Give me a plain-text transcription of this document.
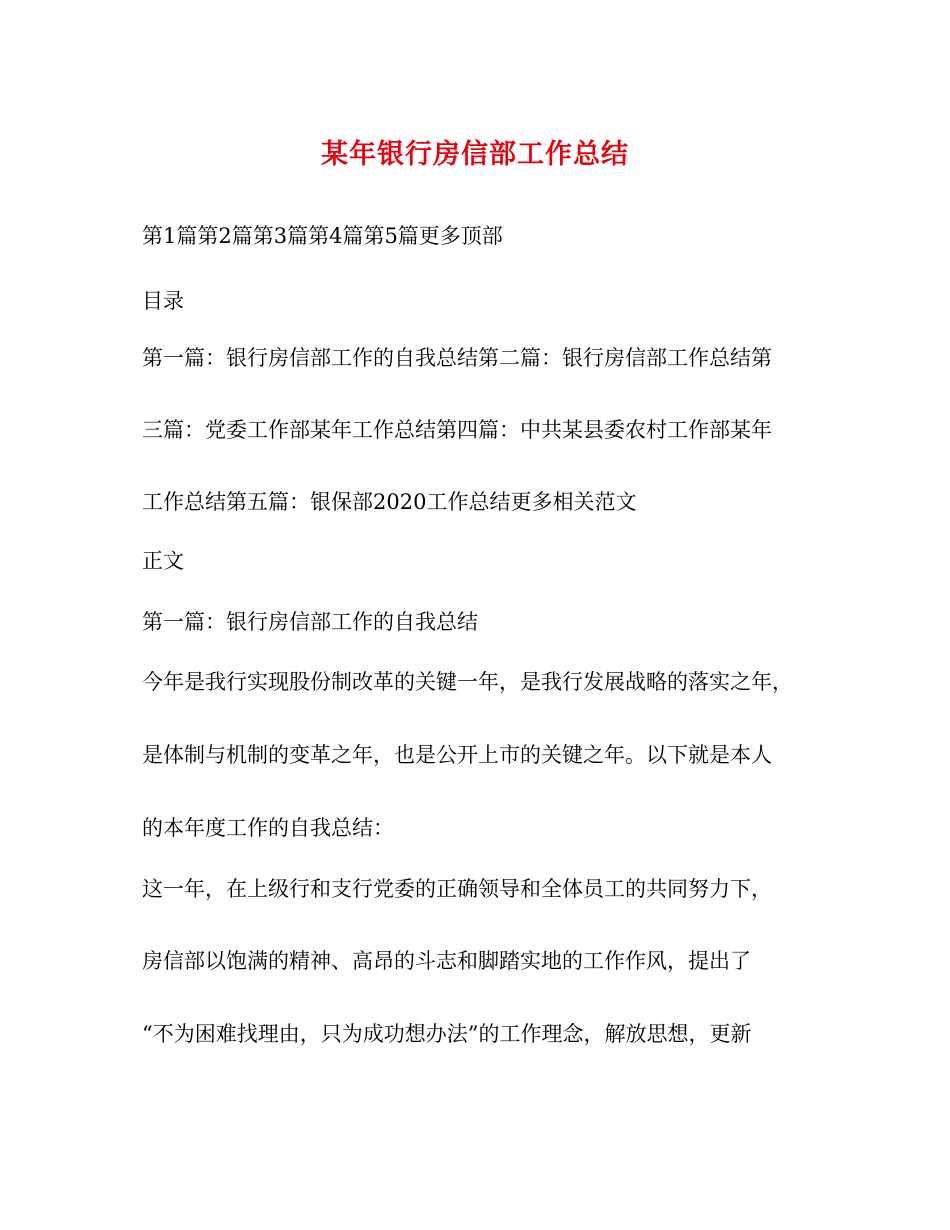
某年银行房信部工作总结
第1篇第2篇第3篇第4篇第5篇更多顶部
目录
第一篇：银行房信部工作的自我总结第二篇：银行房信部工作总结第
三篇：党委工作部某年工作总结第四篇：中共某县委农村工作部某年
工作总结第五篇：银保部2020工作总结更多相关范文
正文
第一篇：银行房信部工作的自我总结
今年是我行实现股份制改革的关键一年，是我行发展战略的落实之年，
是体制与机制的变革之年，也是公开上市的关键之年。以下就是本人
的本年度工作的自我总结：
这一年，在上级行和支行党委的正确领导和全体员工的共同努力下，
房信部以饱满的精神、高昂的斗志和脚踏实地的工作作风，提出了
“不为困难找理由，只为成功想办法”的工作理念，解放思想，更新
